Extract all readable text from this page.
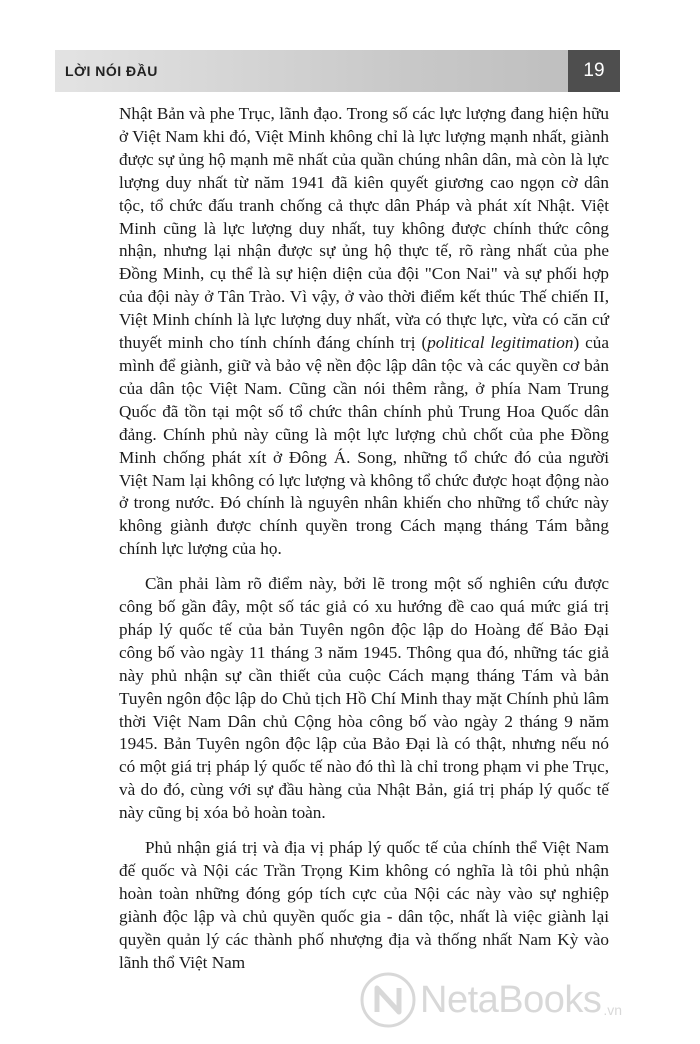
LỜI NÓI ĐẦU	19

Nhật Bản và phe Trục, lãnh đạo. Trong số các lực lượng đang hiện hữu ở Việt Nam khi đó, Việt Minh không chỉ là lực lượng mạnh nhất, giành được sự ủng hộ mạnh mẽ nhất của quần chúng nhân dân, mà còn là lực lượng duy nhất từ năm 1941 đã kiên quyết giương cao ngọn cờ dân tộc, tổ chức đấu tranh chống cả thực dân Pháp và phát xít Nhật. Việt Minh cũng là lực lượng duy nhất, tuy không được chính thức công nhận, nhưng lại nhận được sự ủng hộ thực tế, rõ ràng nhất của phe Đồng Minh, cụ thể là sự hiện diện của đội "Con Nai" và sự phối hợp của đội này ở Tân Trào. Vì vậy, ở vào thời điểm kết thúc Thế chiến II, Việt Minh chính là lực lượng duy nhất, vừa có thực lực, vừa có căn cứ thuyết minh cho tính chính đáng chính trị (political legitimation) của mình để giành, giữ và bảo vệ nền độc lập dân tộc và các quyền cơ bản của dân tộc Việt Nam. Cũng cần nói thêm rằng, ở phía Nam Trung Quốc đã tồn tại một số tổ chức thân chính phủ Trung Hoa Quốc dân đảng. Chính phủ này cũng là một lực lượng chủ chốt của phe Đồng Minh chống phát xít ở Đông Á. Song, những tổ chức đó của người Việt Nam lại không có lực lượng và không tổ chức được hoạt động nào ở trong nước. Đó chính là nguyên nhân khiến cho những tổ chức này không giành được chính quyền trong Cách mạng tháng Tám bằng chính lực lượng của họ.

Cần phải làm rõ điểm này, bởi lẽ trong một số nghiên cứu được công bố gần đây, một số tác giả có xu hướng đề cao quá mức giá trị pháp lý quốc tế của bản Tuyên ngôn độc lập do Hoàng đế Bảo Đại công bố vào ngày 11 tháng 3 năm 1945. Thông qua đó, những tác giả này phủ nhận sự cần thiết của cuộc Cách mạng tháng Tám và bản Tuyên ngôn độc lập do Chủ tịch Hồ Chí Minh thay mặt Chính phủ lâm thời Việt Nam Dân chủ Cộng hòa công bố vào ngày 2 tháng 9 năm 1945. Bản Tuyên ngôn độc lập của Bảo Đại là có thật, nhưng nếu nó có một giá trị pháp lý quốc tế nào đó thì là chỉ trong phạm vi phe Trục, và do đó, cùng với sự đầu hàng của Nhật Bản, giá trị pháp lý quốc tế này cũng bị xóa bỏ hoàn toàn.

Phủ nhận giá trị và địa vị pháp lý quốc tế của chính thể Việt Nam đế quốc và Nội các Trần Trọng Kim không có nghĩa là tôi phủ nhận hoàn toàn những đóng góp tích cực của Nội các này vào sự nghiệp giành độc lập và chủ quyền quốc gia - dân tộc, nhất là việc giành lại quyền quản lý các thành phố nhượng địa và thống nhất Nam Kỳ vào lãnh thổ Việt Nam

NetaBooks .vn
